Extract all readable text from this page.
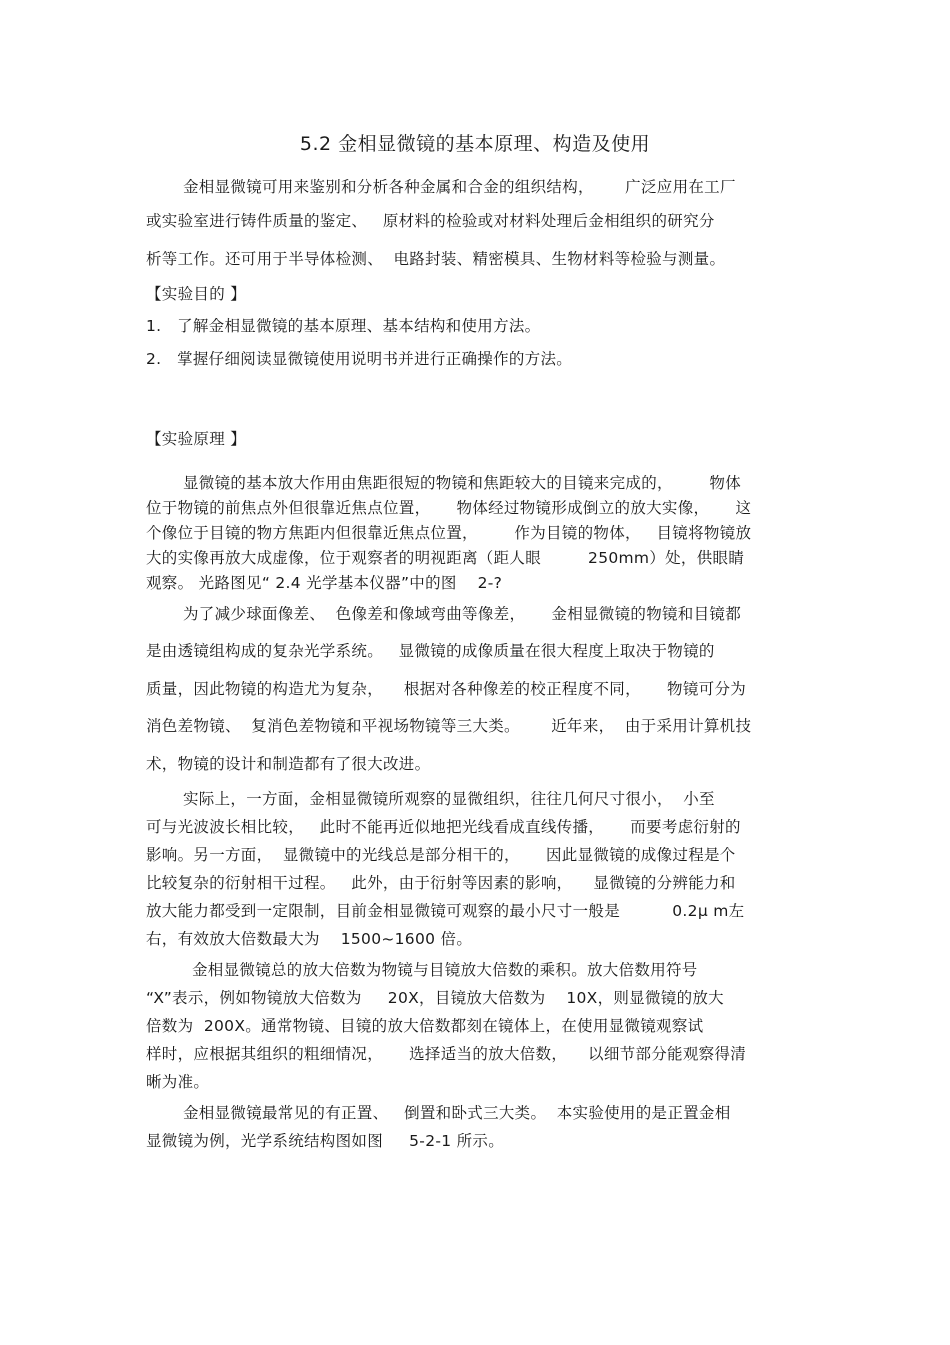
5.2 金相显微镜的基本原理、构造及使用
金相显微镜可用来鉴别和分析各种金属和合金的组织结构，      广泛应用在工厂
或实验室进行铸件质量的鉴定、   原材料的检验或对材料处理后金相组织的研究分
析等工作。还可用于半导体检测、  电路封装、精密模具、生物材料等检验与测量。
【实验目的 】
1.   了解金相显微镜的基本原理、基本结构和使用方法。
2.   掌握仔细阅读显微镜使用说明书并进行正确操作的方法。
【实验原理 】
显微镜的基本放大作用由焦距很短的物镜和焦距较大的目镜来完成的，       物体
位于物镜的前焦点外但很靠近焦点位置，     物体经过物镜形成倒立的放大实像，     这
个像位于目镜的物方焦距内但很靠近焦点位置，       作为目镜的物体，   目镜将物镜放
大的实像再放大成虚像，位于观察者的明视距离（距人眼         250mm）处，供眼睛
观察。 光路图见“ 2.4 光学基本仪器”中的图    2-?
为了减少球面像差、  色像差和像域弯曲等像差，     金相显微镜的物镜和目镜都
是由透镜组构成的复杂光学系统。   显微镜的成像质量在很大程度上取决于物镜的
质量，因此物镜的构造尤为复杂，    根据对各种像差的校正程度不同，     物镜可分为
消色差物镜、  复消色差物镜和平视场物镜等三大类。      近年来，  由于采用计算机技
术，物镜的设计和制造都有了很大改进。
实际上，一方面，金相显微镜所观察的显微组织，往往几何尺寸很小，  小至
可与光波波长相比较，   此时不能再近似地把光线看成直线传播，     而要考虑衍射的
影响。另一方面，  显微镜中的光线总是部分相干的，     因此显微镜的成像过程是个
比较复杂的衍射相干过程。   此外，由于衍射等因素的影响，    显微镜的分辨能力和
放大能力都受到一定限制，目前金相显微镜可观察的最小尺寸一般是          0.2μ m左
右，有效放大倍数最大为    1500~1600 倍。
金相显微镜总的放大倍数为物镜与目镜放大倍数的乘积。放大倍数用符号
“X”表示，例如物镜放大倍数为     20X，目镜放大倍数为    10X，则显微镜的放大
倍数为  200X。通常物镜、目镜的放大倍数都刻在镜体上，在使用显微镜观察试
样时，应根据其组织的粗细情况，     选择适当的放大倍数，    以细节部分能观察得清
晰为准。
金相显微镜最常见的有正置、   倒置和卧式三大类。  本实验使用的是正置金相
显微镜为例，光学系统结构图如图     5-2-1 所示。
